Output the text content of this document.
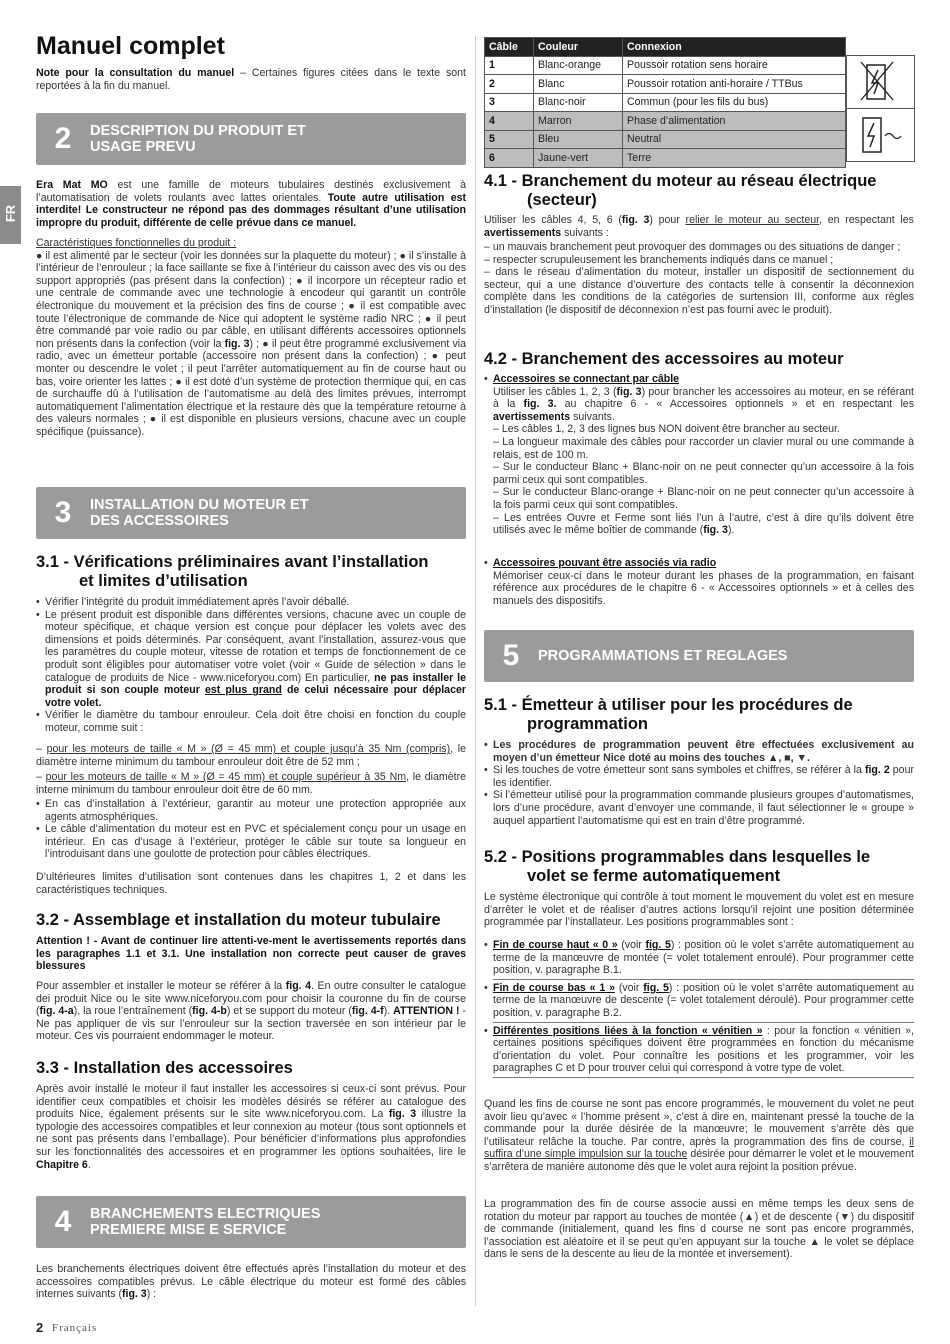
FR
Manuel complet

Note pour la consultation du manuel – Certaines figures citées dans le texte sont reportées à la fin du manuel.

2	DESCRIPTION DU PRODUIT ET
USAGE PREVU

Era Mat MO est une famille de moteurs tubulaires destinés exclusivement à l’automatisation de volets roulants avec lattes orientales. Toute autre utilisation est interdite! Le constructeur ne répond pas des dommages résultant d’une utilisation impropre du produit, différente de celle prévue dans ce manuel.

Caractéristiques fonctionnelles du produit :
● il est alimenté par le secteur (voir les données sur la plaquette du moteur) ; ● il s’installe à l’intérieur de l’enrouleur ; la face saillante se fixe à l’intérieur du caisson avec des vis ou des support appropriés (pas présent dans la confection) ; ● il incorpore un récepteur radio et une centrale de commande avec une technologie à encodeur qui garantit un contrôle électronique du mouvement et la précision des fins de course ; ● il est compatible avec toute l’électronique de commande de Nice qui adoptent le système radio NRC ; ● il peut être commandé par voie radio ou par câble, en utilisant différents accessoires optionnels non présents dans la confection (voir la fig. 3) ; ● il peut être programmé exclusivement via radio, avec un émetteur portable (accessoire non présent dans la confection) ; ● peut monter ou descendre le volet ; il peut l’arrêter automatiquement au fin de course haut ou bas, voire orienter les lattes ; ● il est doté d’un système de protection thermique qui, en cas de surchauffe dû à l’utilisation de l’automatisme au delà des limites prévues, interrompt automatiquement l’alimentation électrique et la restaure dès que la température retourne à des valeurs normales ; ● il est disponible en plusieurs versions, chacune avec un couple spécifique (puissance).

3	INSTALLATION DU MOTEUR ET
DES ACCESSOIRES
3.1 - Vérifications préliminaires avant l’installation
et limites d’utilisation
• Vérifier l’intégrité du produit immédiatement après l’avoir déballé.
• Le présent produit est disponible dans différentes versions, chacune avec un couple de moteur spécifique, et chaque version est conçue pour déplacer les volets avec des dimensions et poids déterminés. Par conséquent, avant l’installation, assurez-vous que les paramètres du couple moteur, vitesse de rotation et temps de fonctionnement de ce produit sont éligibles pour automatiser votre volet (voir « Guide de sélection » dans le catalogue de produits de Nice - www.niceforyou.com) En particulier, ne pas installer le produit si son couple moteur est plus grand de celui nécessaire pour déplacer votre volet.
• Vérifier le diamètre du tambour enrouleur. Cela doit être choisi en fonction du couple moteur, comme suit :

– pour les moteurs de taille « M » (Ø = 45 mm) et couple jusqu’à 35 Nm (compris), le diamètre interne minimum du tambour enrouleur doit être de 52 mm ;

– pour les moteurs de taille « M » (Ø = 45 mm) et couple supérieur à 35 Nm, le diamètre interne minimum du tambour enrouleur doit être de 60 mm.

• En cas d’installation à l’extérieur, garantir au moteur une protection appropriée aux agents atmosphériques.
• Le câble d’alimentation du moteur est en PVC et spécialement conçu pour un usage en intérieur. En cas d’usage à l’extérieur, protéger le câble sur toute sa longueur en l’introduisant dans une goulotte de protection pour câbles électriques.

D’ultérieures limites d’utilisation sont contenues dans les chapitres 1, 2 et dans les caractéristiques techniques.

3.2 - Assemblage et installation du moteur tubulaire

Attention ! - Avant de continuer lire attenti-ve-ment le avertissements reportés dans les paragraphes 1.1 et 3.1. Une installation non correcte peut causer de graves blessures

Pour assembler et installer le moteur se référer à la fig. 4. En outre consulter le catalogue dei produit Nice ou le site www.niceforyou.com pour choisir la couronne du fin de course (fig. 4-a), la roue l’entraînement (fig. 4-b) et se support du moteur (fig. 4-f). ATTENTION ! - Ne pas appliquer de vis sur l’enrouleur sur la section traversée en son intérieur par le moteur. Ces vis pourraient endommager le moteur.

3.3 - Installation des accessoires

Après avoir installé le moteur il faut installer les accessoires si ceux-ci sont prévus. Pour identifier ceux compatibles et choisir les modèles désirés se référer au catalogue des produits Nice, également présents sur le site www.niceforyou.com. La fig. 3 illustre la typologie des accessoires compatibles et leur connexion au moteur (tous sont optionnels et ne sont pas présents dans l’emballage). Pour bénéficier d’informations plus approfondies sur les fonctionnalités des accessoires et en programmer les options souhaitées, lire le Chapitre 6.

4	BRANCHEMENTS ELECTRIQUES
PREMIERE MISE E SERVICE

Les branchements électriques doivent être effectués après l’installation du moteur et des accessoires compatibles prévus. Le câble électrique du moteur est formé des câbles internes suivants (fig. 3) :

Câble	Couleur	Connexion
1	Blanc-orange	Poussoir rotation sens horaire
2	Blanc	Poussoir rotation anti-horaire / TTBus
3	Blanc-noir	Commun (pour les fils du bus)
4	Marron	Phase d’alimentation
5	Bleu	Neutral
6	Jaune-vert	Terre
4.1 - Branchement du moteur au réseau électrique
(secteur)

Utiliser les câbles 4, 5, 6 (fig. 3) pour relier le moteur au secteur, en respectant les avertissements suivants :

– un mauvais branchement peut provoquer des dommages ou des situations de danger ;

– respecter scrupuleusement les branchements indiqués dans ce manuel ;

– dans le réseau d’alimentation du moteur, installer un dispositif de sectionnement du secteur, qui a une distance d’ouverture des contacts telle à consentir la déconnexion complète dans les conditions de la catégories de surtension III, conforme aux règles d’installation (le dispositif de déconnexion n’est pas fourni avec le produit).

4.2 - Branchement des accessoires au moteur
• Accessoires se connectant par câble
Utiliser les câbles 1, 2, 3 (fig. 3) pour brancher les accessoires au moteur, en se référant à la fig. 3. au chapitre 6 - « Accessoires optionnels » et en respectant les avertissements suivants.
– Les câbles 1, 2, 3 des lignes bus NON doivent être brancher au secteur.
– La longueur maximale des câbles pour raccorder un clavier mural ou une commande à relais, est de 100 m.
– Sur le conducteur Blanc + Blanc-noir on ne peut connecter qu’un accessoire à la fois parmi ceux qui sont compatibles.
– Sur le conducteur Blanc-orange + Blanc-noir on ne peut connecter qu’un accessoire à la fois parmi ceux qui sont compatibles.
– Les entrées Ouvre et Ferme sont liés l’un à l’autre, c’est à dire qu’ils doivent être utilisés avec le même boîtier de commande (fig. 3).
• Accessoires pouvant être associés via radio
Mémoriser ceux-ci dans le moteur durant les phases de la programmation, en faisant référence aux procédures de le chapitre 6 - « Accessoires optionnels » et à celles des manuels des dispositifs.
5	PROGRAMMATIONS ET REGLAGES
5.1 - Émetteur à utiliser pour les procédures de
programmation
• Les procédures de programmation peuvent être effectuées exclusivement au moyen d’un émetteur Nice doté au moins des touches ▲, ■, ▼.
• Si les touches de votre émetteur sont sans symboles et chiffres, se référer à la fig. 2 pour les identifier.
• Si l’émetteur utilisé pour la programmation commande plusieurs groupes d’automatismes, lors d’une procédure, avant d’envoyer une commande, il faut sélectionner le « groupe » auquel appartient l’automatisme qui est en train d’être programmé.
5.2 - Positions programmables dans lesquelles le
volet se ferme automatiquement

Le système électronique qui contrôle à tout moment le mouvement du volet est en mesure d’arrêter le volet et de réaliser d’autres actions lorsqu’il rejoint une position déterminée programmée par l’installateur. Les positions programmables sont :

• Fin de course haut « 0 » (voir fig. 5) : position où le volet s’arrête automatiquement au terme de la manœuvre de montée (= volet totalement enroulé). Pour programmer cette position, v. paragraphe B.1.
• Fin de course bas « 1 » (voir fig. 5) : position où le volet s’arrête automatiquement au terme de la manœuvre de descente (= volet totalement déroulé). Pour programmer cette position, v. paragraphe B.2.
• Différentes positions liées à la fonction « vénitien » : pour la fonction « vénitien », certaines positions spécifiques doivent être programmées en fonction du mécanisme d’orientation du volet. Pour connaître les positions et les programmer, voir les paragraphes C et D pour trouver celui qui correspond à votre type de volet.

Quand les fins de course ne sont pas encore programmés, le mouvement du volet ne peut avoir lieu qu’avec « l’homme présent », c’est à dire en, maintenant pressé la touche de la commande pour la durée désirée de la manœuvre; le mouvement s’arrête dès que l’utilisateur relâche la touche. Par contre, après la programmation des fins de course, il suffira d’une simple impulsion sur la touche désirée pour démarrer le volet et le mouvement s’arrêtera de manière autonome dès que le volet aura rejoint la position prévue.

La programmation des fin de course associe aussi en même temps les deux sens de rotation du moteur par rapport au touches de montée (▲) et de descente (▼) du dispositif de commande (initialement, quand les fins d course ne sont pas encore programmés, l’association est aléatoire et il se peut qu’en appuyant sur la touche ▲ le volet se déplace dans le sens de la descente au lieu de la montée et inversement).

2 Français
